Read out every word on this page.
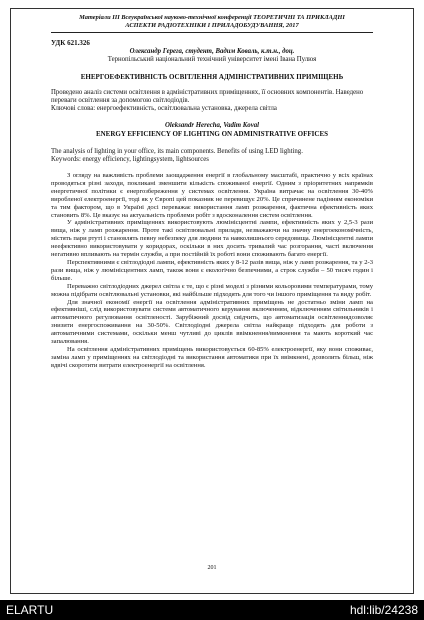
Матеріали ІІІ Всеукраїнської науково-технічної конференції ТЕОРЕТИЧНІ ТА ПРИКЛАДНІ
АСПЕКТИ РАДІОТЕХНІКИ І ПРИЛАДОБУДУВАННЯ, 2017
УДК 621.326
Олександр Герега, студент, Вадим Коваль, к.т.н., доц.
Тернопільський національний технічний університет імені Івана Пулюя
ЕНЕРГОЕФЕКТИВНІСТЬ ОСВІТЛЕННЯ АДМІНІСТРАТИВНИХ ПРИМІЩЕНЬ
Проведено аналіз системи освітлення в адміністративних приміщеннях, її основних компонентів. Наведено переваги освітлення за допомогою світлодіодів.
Ключові слова: енергоефективність, освітлювальна установка, джерела світла
Oleksandr Herecha, Vadim Koval
ENERGY EFFICIENCY OF LIGHTING ON ADMINISTRATIVE OFFICES
The analysis of lighting in your office, its main components. Benefits of using LED lighting.
Keywords: energy efficiency, lightingsystem, lightsources

З огляду на важливість проблеми заощадження енергії в глобальному масштабі, практично у всіх країнах проводяться різні заходи, покликані зменшити кількість споживаної енергії. Одним з пріоритетних напрямків енергетичної політики є енергозбереження у системах освітлення. Україна витрачає на освітлення 30-40% виробленої електроенергії, тоді як у Європі цей показник не перевищує 20%. Це спричинене падінням економіки та тим фактором, що в Україні досі переважає використання ламп розжарення, фактична ефективність яких становить 8%. Це вказує на актуальність проблеми робіт з вдосконалення систем освітлення.

У адміністративних приміщеннях використовують люмінісцентні лампи, ефективність яких у 2,5-3 рази вища, ніж у ламп розжарення. Проте такі освітлювальні прилади, незважаючи на значну енергоекономічність, містять пари ртуті і становлять певну небезпеку для людини та навколишнього середовища. Люмінісцентні лампи неефективно використовувати у коридорах, оскільки в них досить тривалий час розгорання, часті включення негативно впливають на термін служби, а при постійній їх роботі вони споживають багато енергії.

Перспективними є світлодіодні лампи, ефективність яких у 8-12 разів вища, ніж у ламп розжарення, та у 2-3 рази вища, ніж у люмінісцентних ламп, також вони є екологічно безпечними, а строк служби – 50 тисяч годин і більше.

Переважно світлодіодних джерел світла є те, що є різні моделі з різними кольоровими температурами, тому можна підібрати освітлювальні установки, які найбільше підходять для того чи іншого приміщення та виду робіт.

Для значної економії енергії на освітлення адміністративних приміщень не достатньо зміни ламп на ефективніші, слід використовувати системи автоматичного керування включенням, відключенням світильників і автоматичного регулювання освітленості. Зарубіжний досвід свідчить, що автоматизація освітленнядозволяє знизити енергоспоживання на 30-50%. Світлодіодні джерела світла найкраще підходять для роботи з автоматичними системами, оскільки менш чутливі до циклів ввімкнення/вимкнення та мають короткий час запалювання.

На освітлення адміністративних приміщень використовується 60-85% електроенергії, яку вони споживає, заміна ламп у приміщеннях на світлодіодні та використання автоматики при їх ввімкнені, дозволить більш, ніж вдвічі скоротити витрати електроенергії на освітлення.

201
ELARTU	hdl:lib/24238
